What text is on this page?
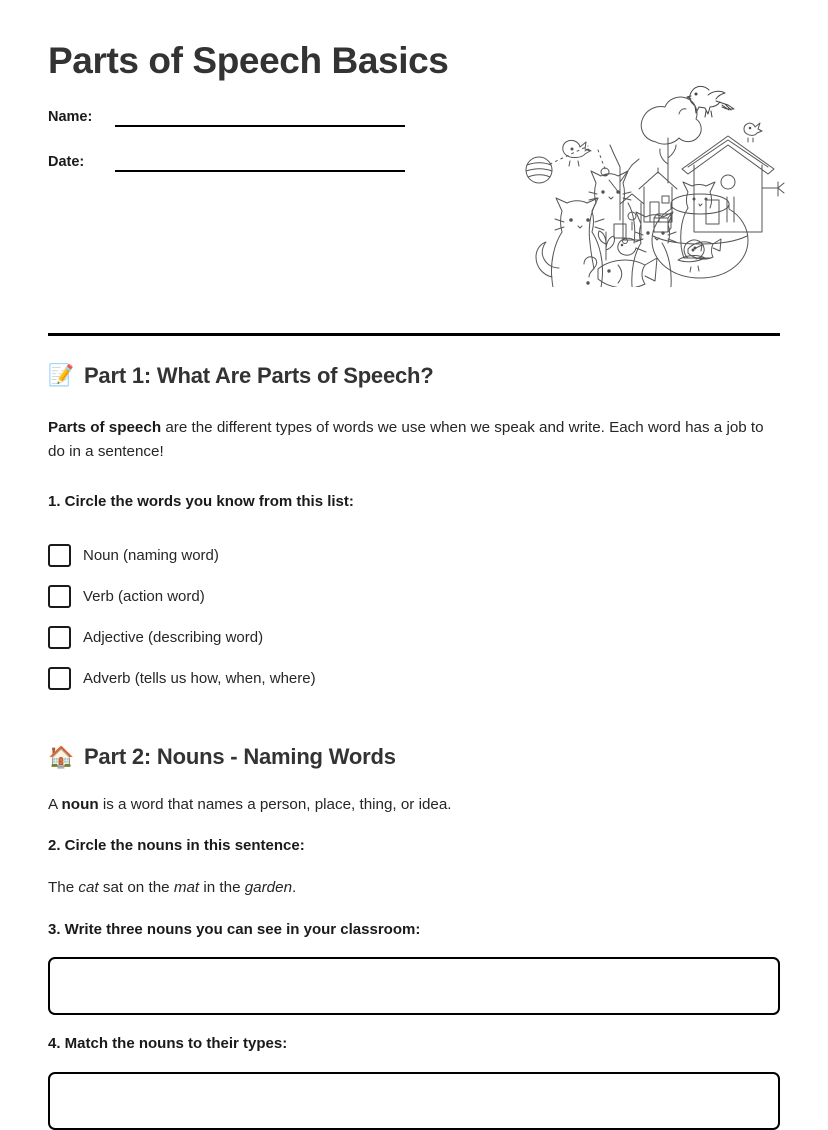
Parts of Speech Basics
Name:
Date:
📝 Part 1: What Are Parts of Speech?

Parts of speech are the different types of words we use when we speak and write. Each word has a job to do in a sentence!

1. Circle the words you know from this list:

Noun (naming word)
Verb (action word)
Adjective (describing word)
Adverb (tells us how, when, where)
🏠 Part 2: Nouns - Naming Words

A noun is a word that names a person, place, thing, or idea.

2. Circle the nouns in this sentence:

The cat sat on the mat in the garden.

3. Write three nouns you can see in your classroom:

4. Match the nouns to their types:
